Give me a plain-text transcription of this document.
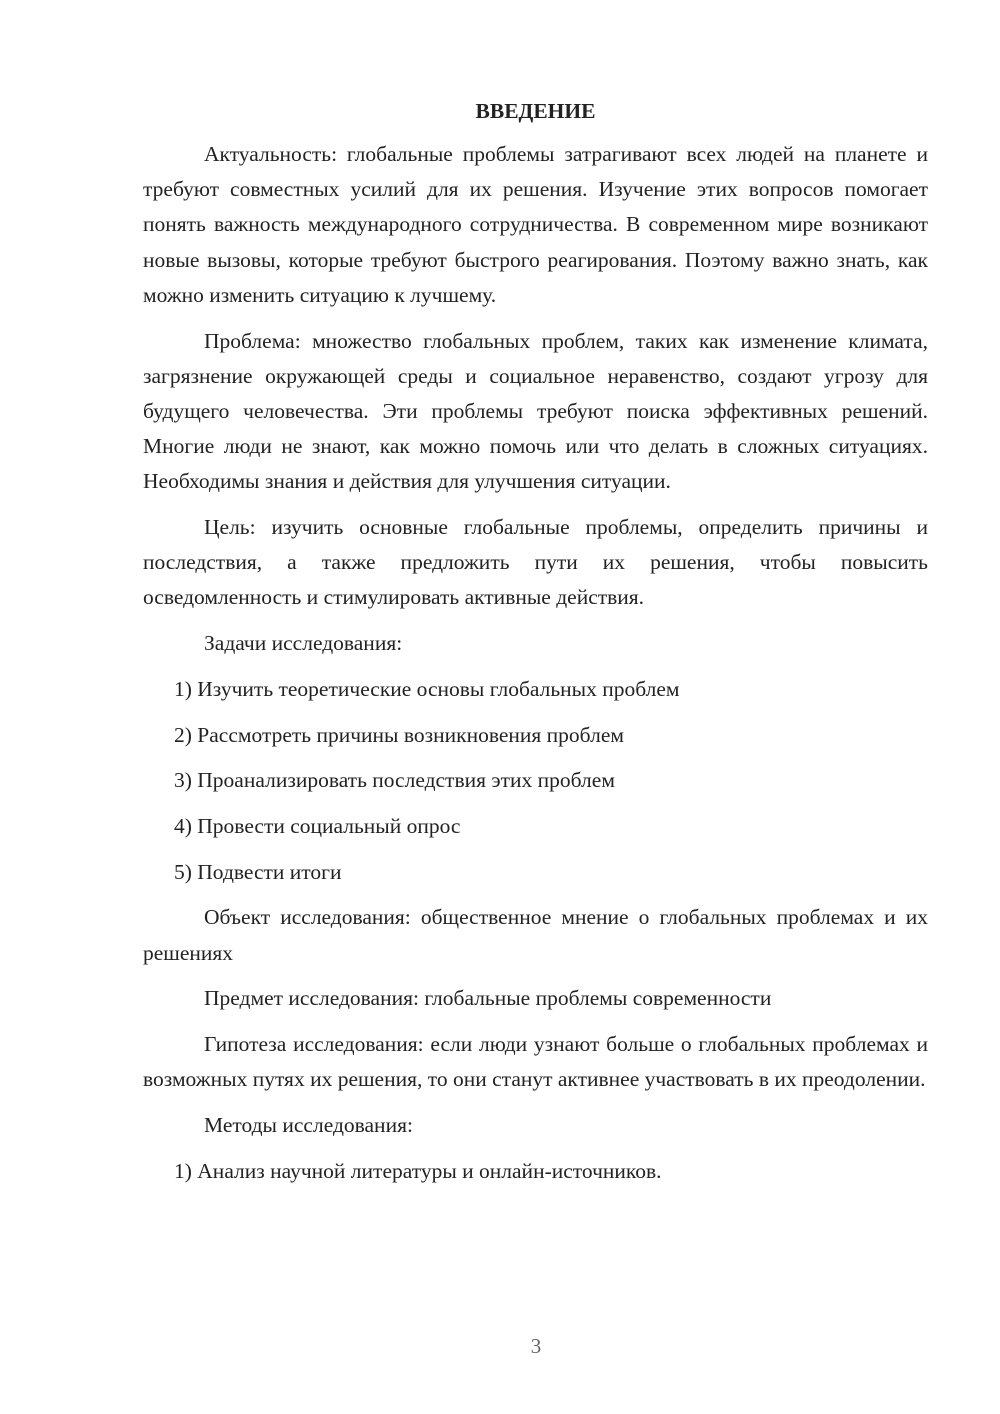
ВВЕДЕНИЕ

Актуальность: глобальные проблемы затрагивают всех людей на планете и требуют совместных усилий для их решения. Изучение этих вопросов помогает понять важность международного сотрудничества. В современном мире возникают новые вызовы, которые требуют быстрого реагирования. Поэтому важно знать, как можно изменить ситуацию к лучшему.

Проблема: множество глобальных проблем, таких как изменение климата, загрязнение окружающей среды и социальное неравенство, создают угрозу для будущего человечества. Эти проблемы требуют поиска эффективных решений. Многие люди не знают, как можно помочь или что делать в сложных ситуациях. Необходимы знания и действия для улучшения ситуации.

Цель: изучить основные глобальные проблемы, определить причины и последствия, а также предложить пути их решения, чтобы повысить осведомленность и стимулировать активные действия.

Задачи исследования:

1) Изучить теоретические основы глобальных проблем
2) Рассмотреть причины возникновения проблем
3) Проанализировать последствия этих проблем
4) Провести социальный опрос
5) Подвести итоги

Объект исследования: общественное мнение о глобальных проблемах и их решениях

Предмет исследования: глобальные проблемы современности

Гипотеза исследования: если люди узнают больше о глобальных проблемах и возможных путях их решения, то они станут активнее участвовать в их преодолении.

Методы исследования:

1) Анализ научной литературы и онлайн-источников.
3
